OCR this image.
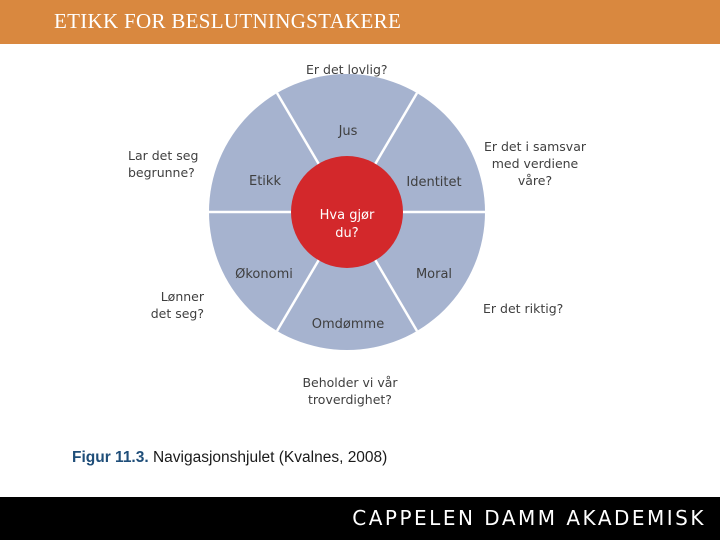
ETIKK FOR BESLUTNINGSTAKERE
Jus
Identitet
Moral
Omdømme
Økonomi
Etikk
Hva gjør
du?
Er det lovlig?
Er det i samsvar
med verdiene
våre?
Er det riktig?
Beholder vi vår
troverdighet?
Lønner
det seg?
Lar det seg
begrunne?
Figur 11.3. Navigasjonshjulet (Kvalnes, 2008)
CAPPELEN DAMM AKADEMISK
